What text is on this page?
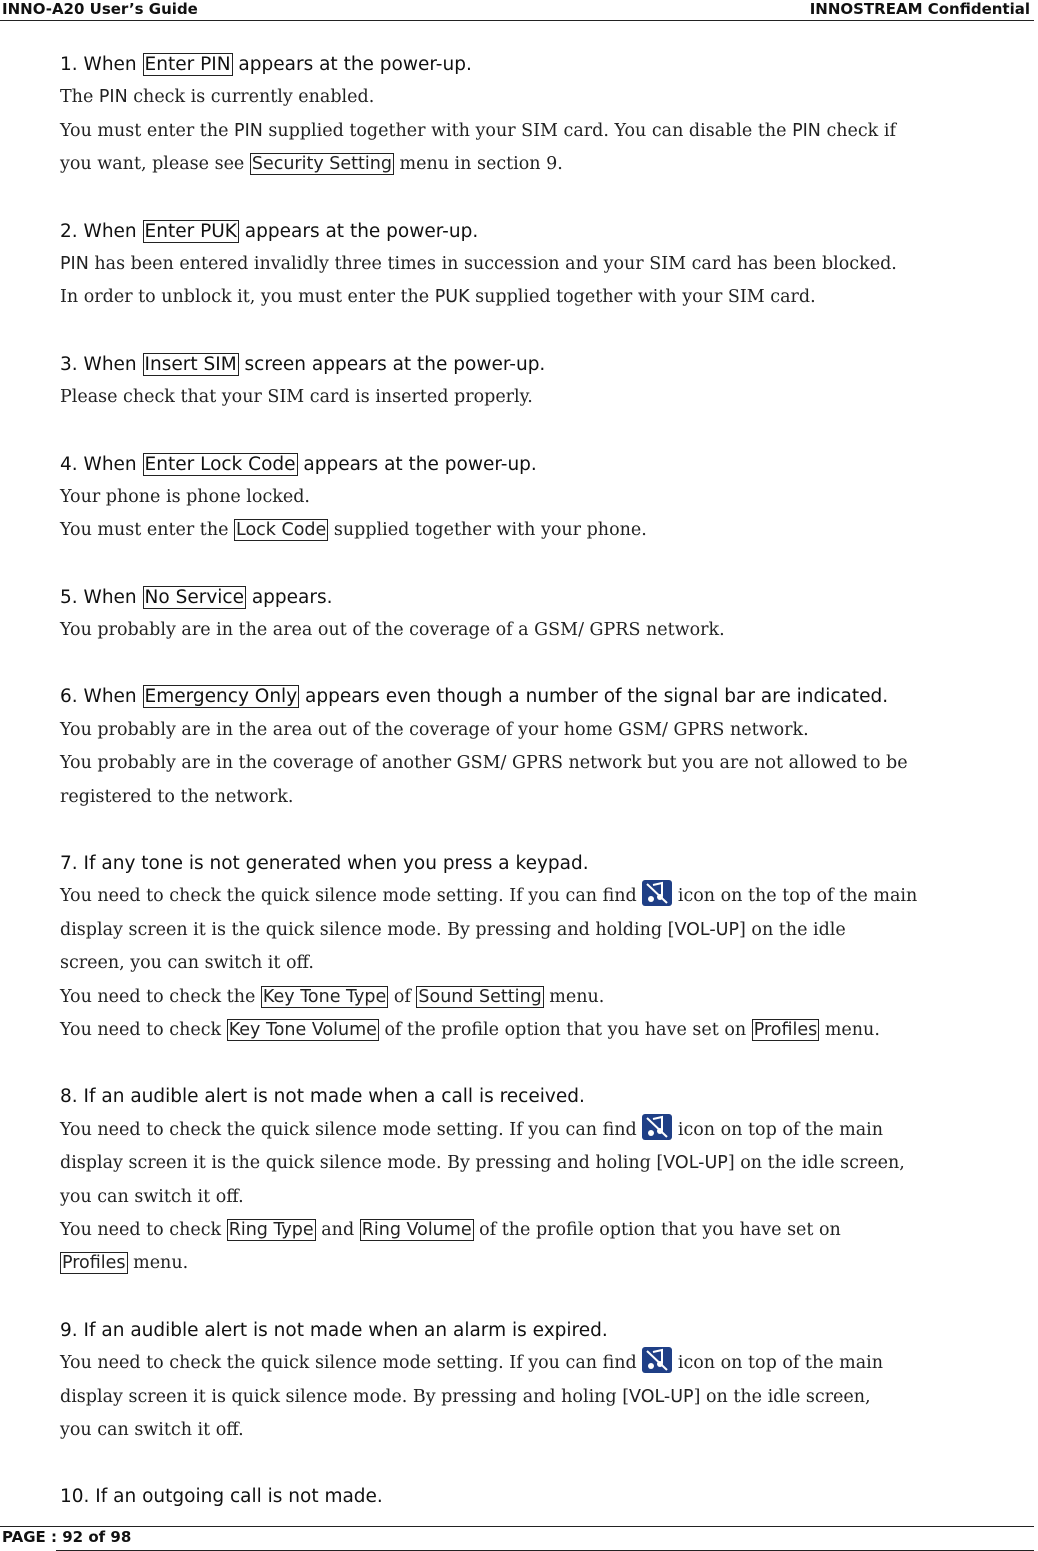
INNO-A20 User’s Guide	INNOSTREAM Confidential
1. When Enter PIN appears at the power-up.
The PIN check is currently enabled.
You must enter the PIN supplied together with your SIM card. You can disable the PIN check if
you want, please see Security Setting menu in section 9.
2. When Enter PUK appears at the power-up.
PIN has been entered invalidly three times in succession and your SIM card has been blocked.
In order to unblock it, you must enter the PUK supplied together with your SIM card.
3. When Insert SIM screen appears at the power-up.
Please check that your SIM card is inserted properly.
4. When Enter Lock Code appears at the power-up.
Your phone is phone locked.
You must enter the Lock Code supplied together with your phone.
5. When No Service appears.
You probably are in the area out of the coverage of a GSM/ GPRS network.
6. When Emergency Only appears even though a number of the signal bar are indicated.
You probably are in the area out of the coverage of your home GSM/ GPRS network.
You probably are in the coverage of another GSM/ GPRS network but you are not allowed to be
registered to the network.
7. If any tone is not generated when you press a keypad.
You need to check the quick silence mode setting. If you can find
icon on the top of the main
display screen it is the quick silence mode. By pressing and holding [VOL-UP] on the idle
screen, you can switch it off.
You need to check the Key Tone Type of Sound Setting menu.
You need to check Key Tone Volume of the profile option that you have set on Profiles menu.
8. If an audible alert is not made when a call is received.
You need to check the quick silence mode setting. If you can find
icon on top of the main
display screen it is the quick silence mode. By pressing and holing [VOL-UP] on the idle screen,
you can switch it off.
You need to check Ring Type and Ring Volume of the profile option that you have set on
Profiles menu.
9. If an audible alert is not made when an alarm is expired.
You need to check the quick silence mode setting. If you can find
icon on top of the main
display screen it is quick silence mode. By pressing and holing [VOL-UP] on the idle screen,
you can switch it off.
10. If an outgoing call is not made.
PAGE : 92 of 98
